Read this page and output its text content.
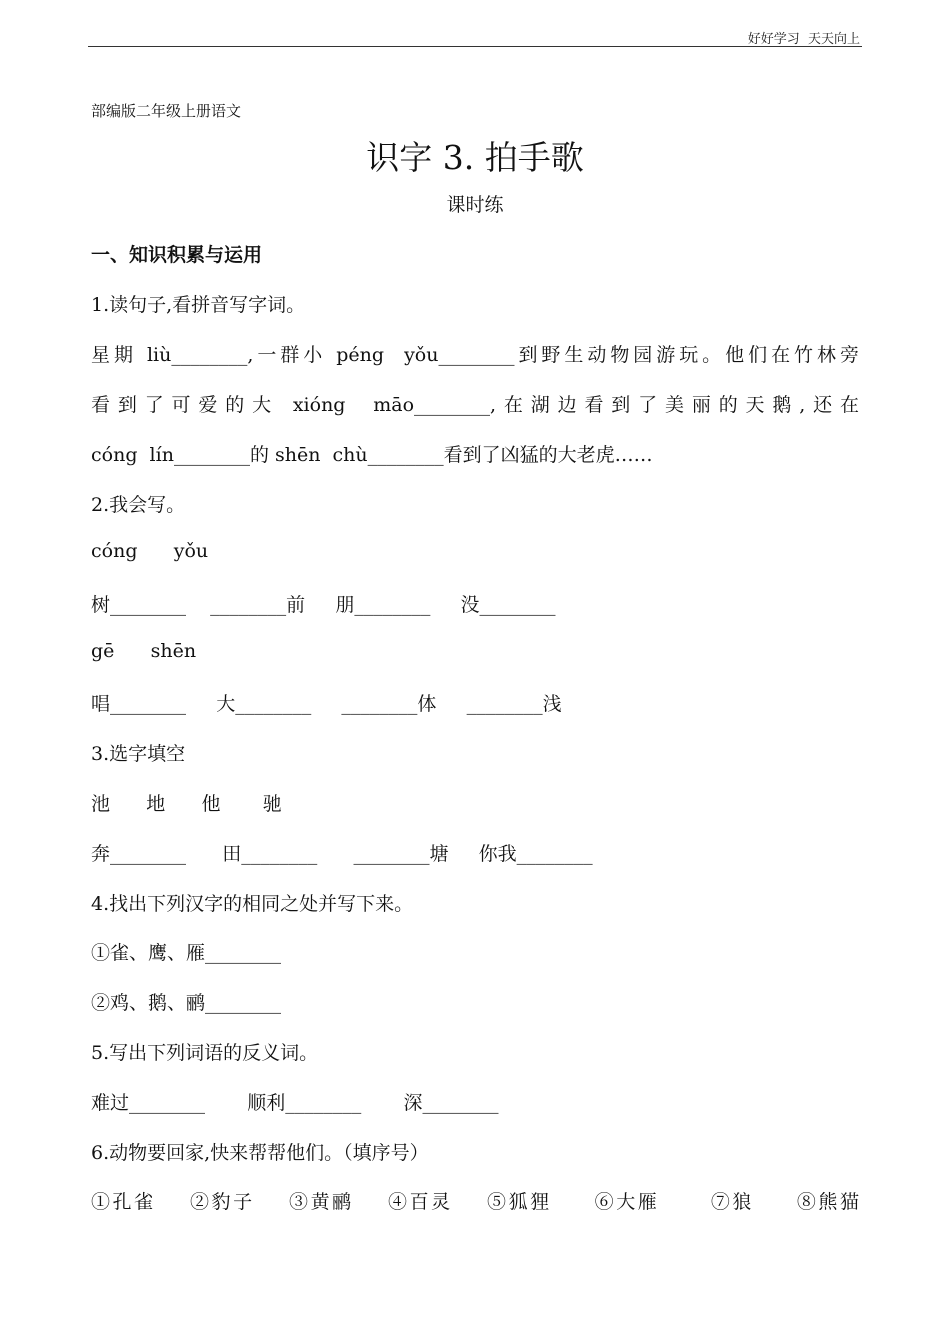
好好学习  天天向上
部编版二年级上册语文
识字 3. 拍手歌
课时练
一、知识积累与运用
1.读句子,看拼音写字词。
星期 liù________,一群小 péng  yǒu________到野生动物园游玩。他们在竹林旁
看到了可爱的大 xióng  māo________,在湖边看到了美丽的天鹅,还在
cóng  lín________的 shēn  chù________看到了凶猛的大老虎……
2.我会写。
cóng      yǒu
树________    ________前     朋________     没________
gē      shēn
唱________     大________     ________体     ________浅
3.选字填空
池      地      他       驰
奔________      田________      ________塘     你我________
4.找出下列汉字的相同之处并写下来。
①雀、鹰、雁________
②鸡、鹅、鹂________
5.写出下列词语的反义词。
难过________       顺利________       深________
6.动物要回家,快来帮帮他们。（填序号）
①孔雀    ②豹子    ③黄鹂    ④百灵    ⑤狐狸     ⑥大雁      ⑦狼     ⑧熊猫
